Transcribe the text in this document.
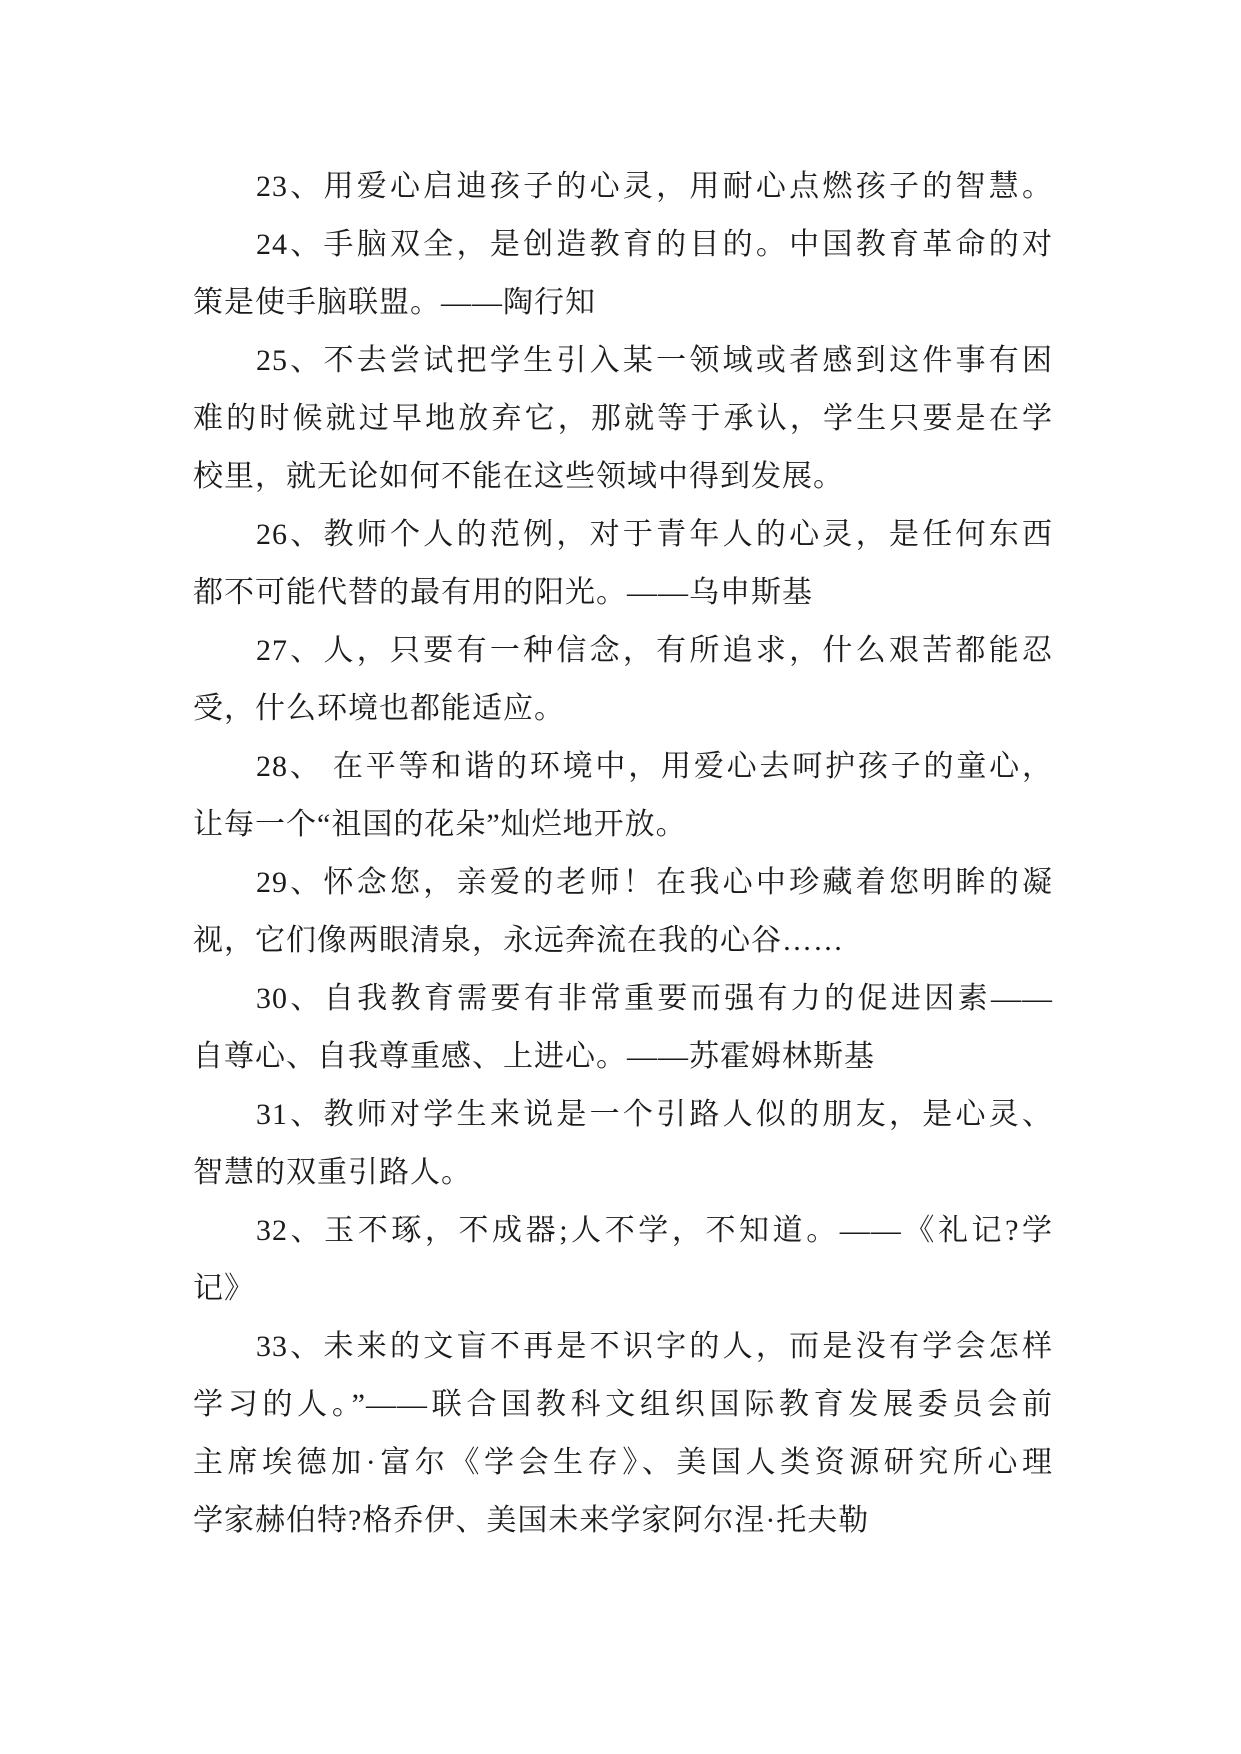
23、用爱心启迪孩子的心灵，用耐心点燃孩子的智慧。
24、手脑双全，是创造教育的目的。中国教育革命的对
策是使手脑联盟。——陶行知
25、不去尝试把学生引入某一领域或者感到这件事有困
难的时候就过早地放弃它，那就等于承认，学生只要是在学
校里，就无论如何不能在这些领域中得到发展。
26、教师个人的范例，对于青年人的心灵，是任何东西
都不可能代替的最有用的阳光。——乌申斯基
27、人，只要有一种信念，有所追求，什么艰苦都能忍
受，什么环境也都能适应。
28、 在平等和谐的环境中，用爱心去呵护孩子的童心，
让每一个“祖国的花朵”灿烂地开放。
29、怀念您，亲爱的老师！在我心中珍藏着您明眸的凝
视，它们像两眼清泉，永远奔流在我的心谷……
30、自我教育需要有非常重要而强有力的促进因素——
自尊心、自我尊重感、上进心。——苏霍姆林斯基
31、教师对学生来说是一个引路人似的朋友，是心灵、
智慧的双重引路人。
32、玉不琢，不成器;人不学，不知道。——《礼记?学
记》
33、未来的文盲不再是不识字的人，而是没有学会怎样
学习的人。”——联合国教科文组织国际教育发展委员会前
主席埃德加·富尔《学会生存》、美国人类资源研究所心理
学家赫伯特?格乔伊、美国未来学家阿尔涅·托夫勒
